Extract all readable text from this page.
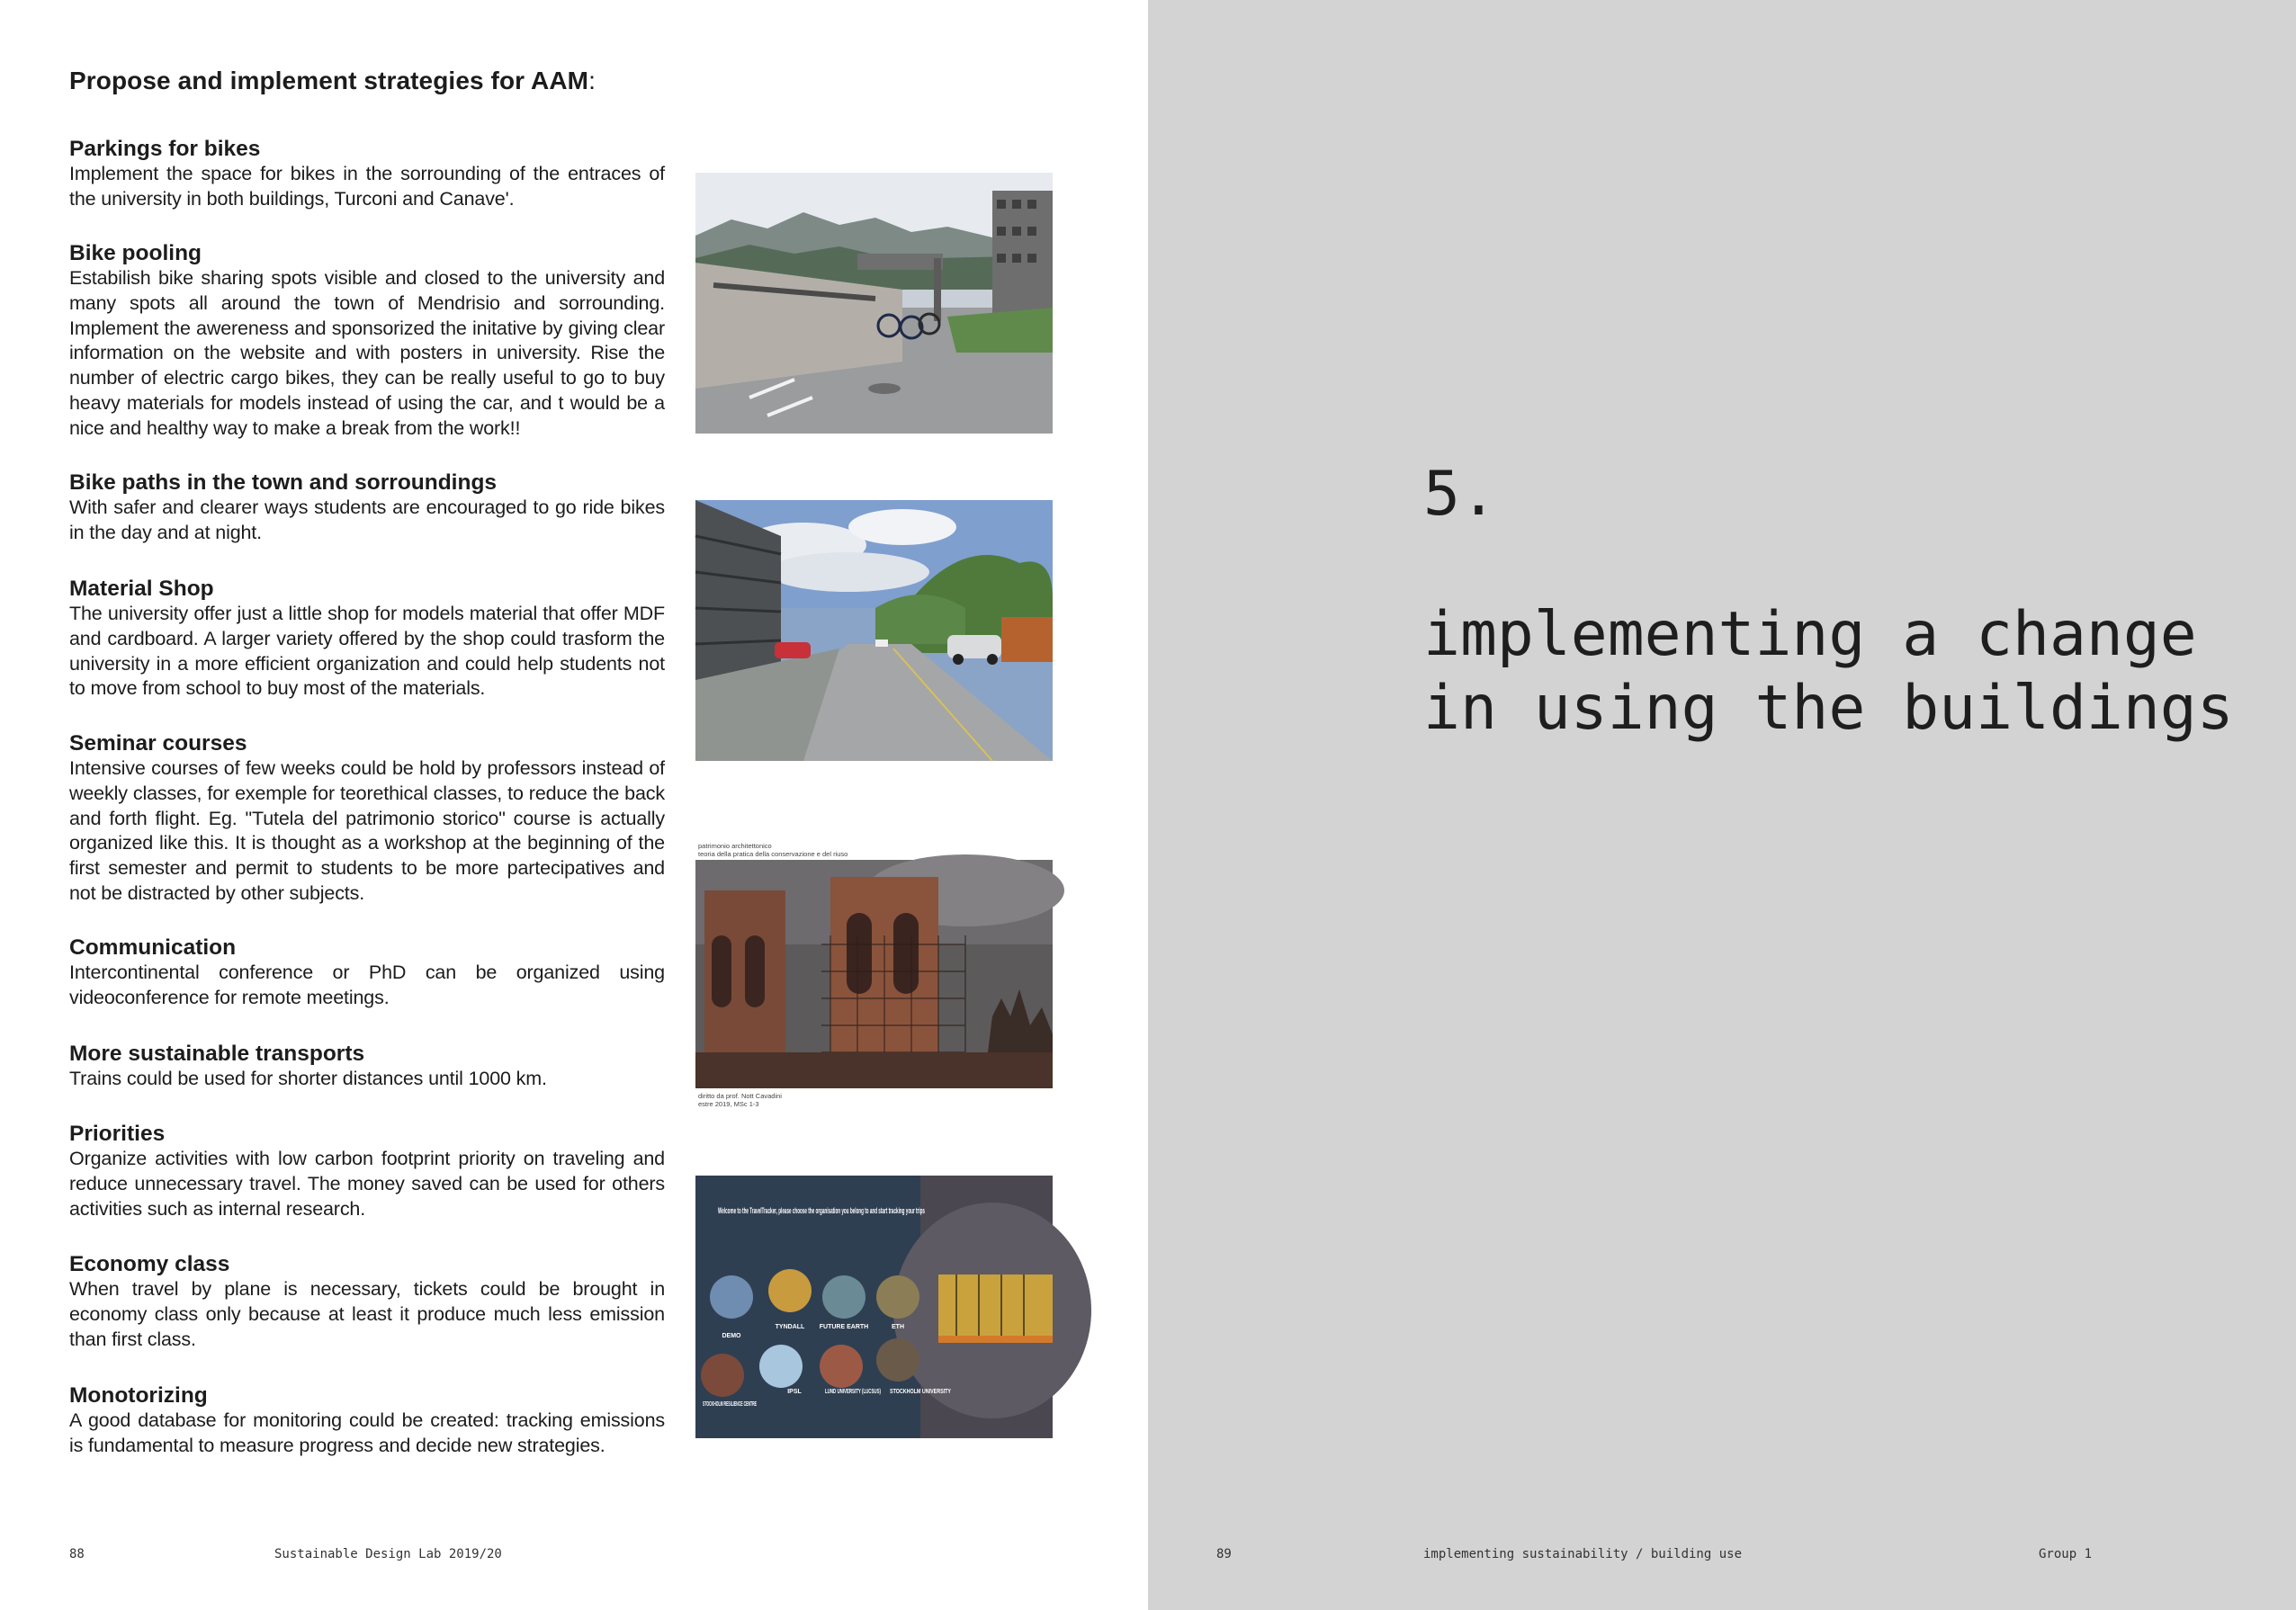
Propose and implement strategies for AAM:

Parkings for bikes

Implement the space for bikes in the sorrounding of the entraces of the university in both buildings, Turconi and Canave'.

Bike pooling

Estabilish bike sharing spots visible and closed to the university and many spots all around the town of Mendrisio and sorrounding. Implement the awereness and sponsorized the initative by giving clear information on the website and with posters in university. Rise the number of electric cargo bikes, they can be really useful to go to buy heavy materials for models instead of using the car, and t would be a nice and healthy way to make a break from the work!!

Bike paths in the town and sorroundings

With safer and clearer ways students are encouraged to go ride bikes in the day and at night.

Material Shop

The university offer just a little shop for models material that offer MDF and cardboard. A larger variety offered by the shop could trasform the university in a more efficient organization and could help students not to move from school to buy most of the materials.

Seminar courses

Intensive courses of few weeks could be hold by professors instead of weekly classes, for exemple for teorethical classes, to reduce the back and forth flight. Eg. "Tutela del patrimonio storico" course is actually organized like this. It is thought as a workshop at the beginning of the first semester and permit to students to be more partecipatives and not be distracted by other subjects.

Communication

Intercontinental conference or PhD can be organized using videoconference for remote meetings.

More sustainable transports

Trains could be used for shorter distances until 1000 km.

Priorities

Organize activities with low carbon footprint priority on traveling and reduce unnecessary travel. The money saved can be used for others activities such as internal research.

Economy class

When travel by plane is necessary, tickets could be brought in economy class only because at least it produce much less emission than first class.

Monotorizing

A good database for monitoring could be created: tracking emissions is fundamental to measure progress and decide new strategies.

patrimonio architettonico
teoria della pratica della conservazione e del riuso
diritto da prof. Nott Cavadini
estre 2019, MSc 1-3
Welcome to the TravelTracker, please choose the organisation you belong to and start tracking your trips
DEMO
TYNDALL FUTURE EARTH	ETH
STOCKHOLM RESILIENCE CENTRE
IPSL	LUND UNIVERSITY (LUCSUS) STOCKHOLM UNIVERSITY
88	Sustainable Design Lab 2019/20
5.
implementing a change
in using the buildings
89	implementing sustainability / building use	Group 1
